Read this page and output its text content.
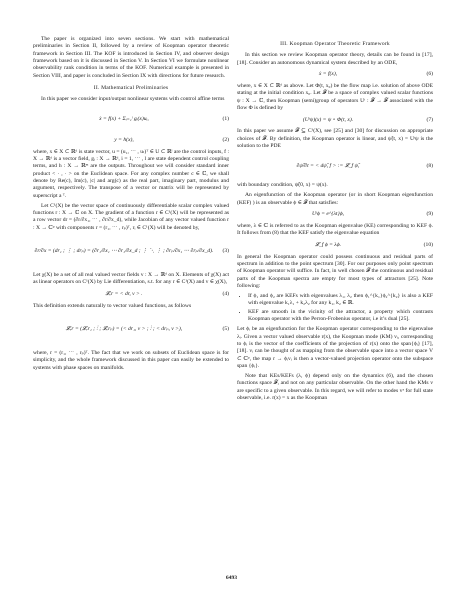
The paper is organized into seven sections. We start with mathematical preliminaries in Section II, followed by a review of Koopman operator theoretic framework in Section III. The KOF is introduced in Section IV, and observer design framework based on it is discussed in Section V. In Section VI we formulate nonlinear observability rank condition in terms of the KOF. Numerical example is presented in Section VIII, and paper is concluded in Section IX with directions for future research.

II. Mathematical Preliminaries

In this paper we consider input/output nonlinear systems with control affine terms

ẋ = f(x) + Σᵢ₌₁ˡ gᵢ(x)uᵢ,	(1)
y = h(x),	(2)

where, x ∈ X ⊂ ℝᵈ is state vector, u = (u₁, ⋯ , uₗ)ᵀ ∈ U ⊂ ℝˡ are the control inputs, f : X → ℝᵈ is a vector field, gᵢ : X → ℝᵈ, i = 1, ⋯ , l are state dependent control coupling terms, and h : X → ℝᵐ are the outputs. Throughout we will consider standard inner product < · , · > on the Euclidean space. For any complex number c ∈ ℂ, we shall denote by Re(c), Im(c), |c| and arg(c) as the real part, imaginary part, modulus and argument, respectively. The transpose of a vector or matrix will be represented by superscript a ᵀ.

Let C¹(X) be the vector space of continuously differentiable scalar complex valued functions r : X → ℂ on X. The gradient of a function r ∈ C¹(X) will be represented as a row vector dr = (∂r/∂x₁, ⋯ , ∂r/∂x_d), while Jacobian of any vector valued function r : X → ℂᵖ with components r = (r₁, ⋯ , rₚ)ᵀ, rᵢ ∈ C¹(X) will be denoted by,

∂r/∂x = (dr₁ ; ⋮ ; drₚ) = (∂r₁/∂x₁ ⋯ ∂r₁/∂x_d ; ⋮ ⋱ ⋮ ; ∂rₚ/∂x₁ ⋯ ∂rₚ/∂x_d).	(3)

Let χ(X) be a set of all real valued vector fields v : X → ℝᵈ on X. Elements of χ(X) act as linear operators on C¹(X) by Lie differentiation, s.t. for any r ∈ C¹(X) and v ∈ χ(X),

𝓛ᵥr = < dr, v > .	(4)

This definition extends naturally to vector valued functions, as follows

𝓛ᵥr = (𝓛ᵥr₁ ; ⋮ ; 𝓛ᵥrₚ) = (< dr₁, v > ; ⋮ ; < drₚ, v >),	(5)

where, r = (r₁, ⋯ , rₚ)ᵀ. The fact that we work on subsets of Euclidean space is for simplicity, and the whole framework discussed in this paper can easily be extended to systems with phase spaces on manifolds.

III. Koopman Operator Theoretic Framework

In this section we review Koopman operator theory, details can be found in [17], [18]. Consider an autonomous dynamical system described by an ODE,

ẋ = f(x),	(6)

where, x ∈ X ⊂ ℝᵈ as above. Let Φ(t, x₀) be the flow map i.e. solution of above ODE stating at the initial condition x₀. Let 𝓕 be a space of complex valued scalar functions ψ : X → ℂ, then Koopman (semi)group of operators Uᵗ : 𝓕 → 𝓕 associated with the flow Φ is defined by

(Uᵗψ)(x) = ψ ∘ Φ(t, x).	(7)

In this paper we assume 𝓕 ⊆ C¹(X), see [25] and [30] for discussion on appropriate choices of 𝓕. By definition, the Koopman operator is linear, and ψ̃(t, x) = Uᵗψ is the solution to the PDE

∂ψ̃/∂t = < dψ̃, f > := 𝓛_f ψ̃,	(8)

with boundary condition, ψ̃(0, x) = ψ(x).

An eigenfunction of the Koopman operator (or in short Koopman eigenfunction (KEF) ) is an observable ϕ ∈ 𝓕 that satisfies:

Uᵗϕ = e^{λt}ϕ,	(9)

where, λ ∈ ℂ is referred to as the Koopman eigenvalue (KE) corresponding to KEF ϕ. It follows from (8) that the KEF satisfy the eigenvalue equation

𝓛_f ϕ = λϕ.	(10)

In general the Koopman operator could possess continuous and residual parts of spectrum in addition to the point spectrum [30]. For our purposes only point spectrum of Koopman operator will suffice. In fact, in well chosen 𝓕 the continuous and residual parts of the Koopman spectra are empty for most types of attractors [25]. Note following:

• If ϕ₁ and ϕ₂ are KEFs with eigenvalues λ₁, λ₂ then ϕ₁^{k₁}ϕ₂^{k₂} is also a KEF with eigenvalue k₁λ₁ + k₂λ₂ for any k₁, k₂ ∈ ℝ.
• KEF are smooth in the vicinity of the attractor, a property which contrasts Koopman operator with the Perron-Frobenius operator, i.e it’s dual [25].

Let ϕᵢ be an eigenfunction for the Koopman operator corresponding to the eigenvalue λᵢ. Given a vector valued observable r(x), the Koopman mode (KM) vᵢ, corresponding to ϕᵢ is the vector of the coefficients of the projection of r(x) onto the span{ϕᵢ} [17], [18]. vᵢ can be thought of as mapping from the observable space into a vector space V ⊂ ℂᵖ, the map r → ϕᵢvᵢ is then a vector-valued projection operator onto the subspace span {ϕᵢ}.

Note that KEs/KEFs (λ, ϕ) depend only on the dynamics (6), and the chosen functions space 𝓕, and not on any particular observable. On the other hand the KMs v are specific to a given observable. In this regard, we will refer to modes vˣ for full state observable, i.e. r(x) = x as the Koopman

6493
